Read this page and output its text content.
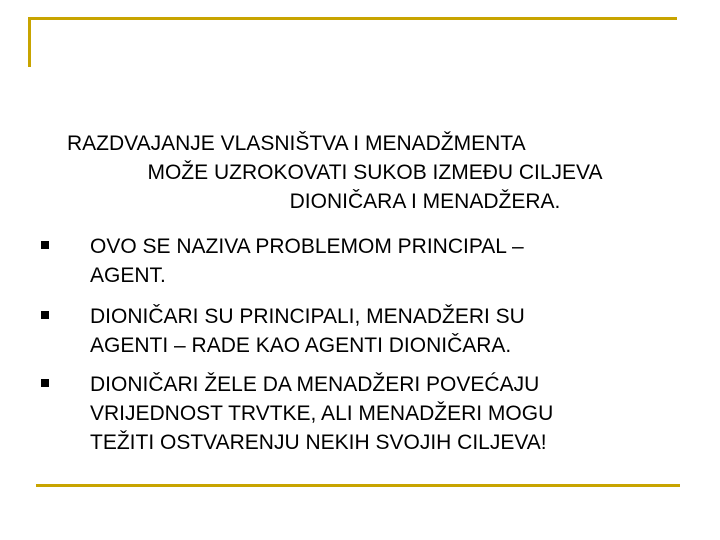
RAZDVAJANJE VLASNIŠTVA I MENADŽMENTA
MOŽE UZROKOVATI SUKOB IZMEĐU CILJEVA
DIONIČARA I MENADŽERA.
OVO SE NAZIVA PROBLEMOM PRINCIPAL –
AGENT.
DIONIČARI SU PRINCIPALI, MENADŽERI SU
AGENTI – RADE KAO AGENTI DIONIČARA.
DIONIČARI ŽELE DA MENADŽERI POVEĆAJU
VRIJEDNOST TRVTKE, ALI MENADŽERI MOGU
TEŽITI OSTVARENJU NEKIH SVOJIH CILJEVA!
